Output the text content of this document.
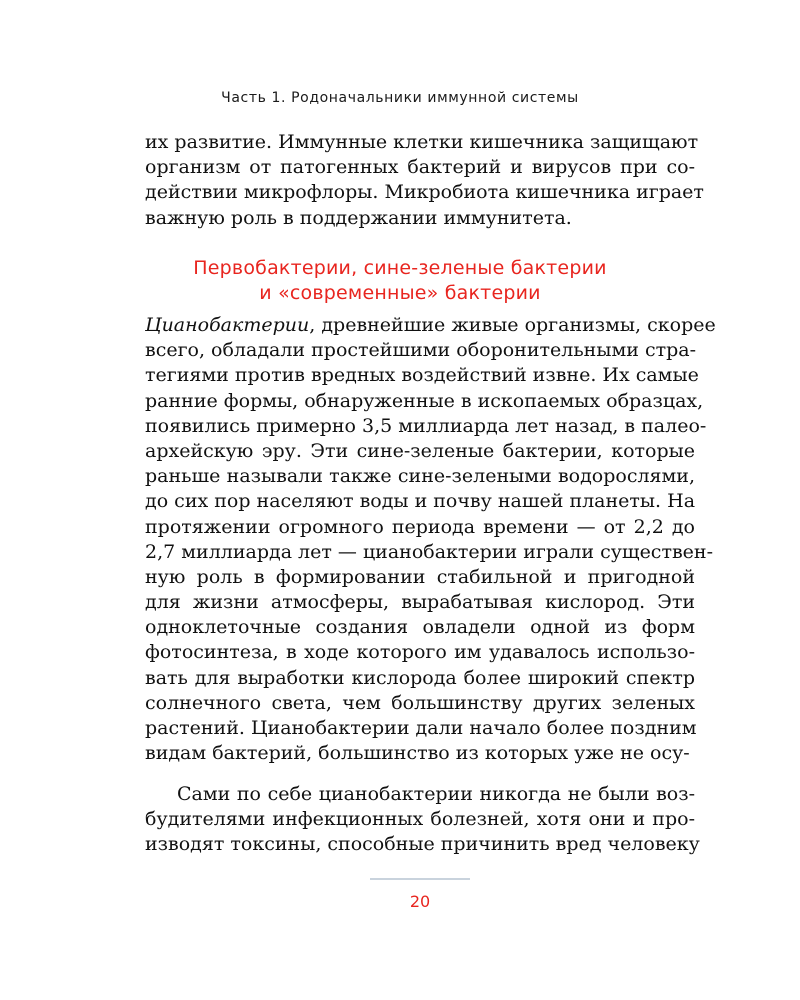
Часть 1. Родоначальники иммунной системы
их развитие. Иммунные клетки кишечника защищают
организм от патогенных бактерий и вирусов при со-
действии микрофлоры. Микробиота кишечника играет
важную роль в поддержании иммунитета.
Первобактерии, сине-зеленые бактерии
и «современные» бактерии
Цианобактерии, древнейшие живые организмы, скорее
всего, обладали простейшими оборонительными стра-
тегиями против вредных воздействий извне. Их самые
ранние формы, обнаруженные в ископаемых образцах,
появились примерно 3,5 миллиарда лет назад, в палео-
архейскую эру. Эти сине-зеленые бактерии, которые
раньше называли также сине-зелеными водорослями,
до сих пор населяют воды и почву нашей планеты. На
протяжении огромного периода времени — от 2,2 до
2,7 миллиарда лет — цианобактерии играли существен-
ную роль в формировании стабильной и пригодной
для жизни атмосферы, вырабатывая кислород. Эти
одноклеточные создания овладели одной из форм
фотосинтеза, в ходе которого им удавалось использо-
вать для выработки кислорода более широкий спектр
солнечного света, чем большинству других зеленых
растений. Цианобактерии дали начало более поздним
видам бактерий, большинство из которых уже не осу-
Сами по себе цианобактерии никогда не были воз-
будителями инфекционных болезней, хотя они и про-
изводят токсины, способные причинить вред человеку
20
